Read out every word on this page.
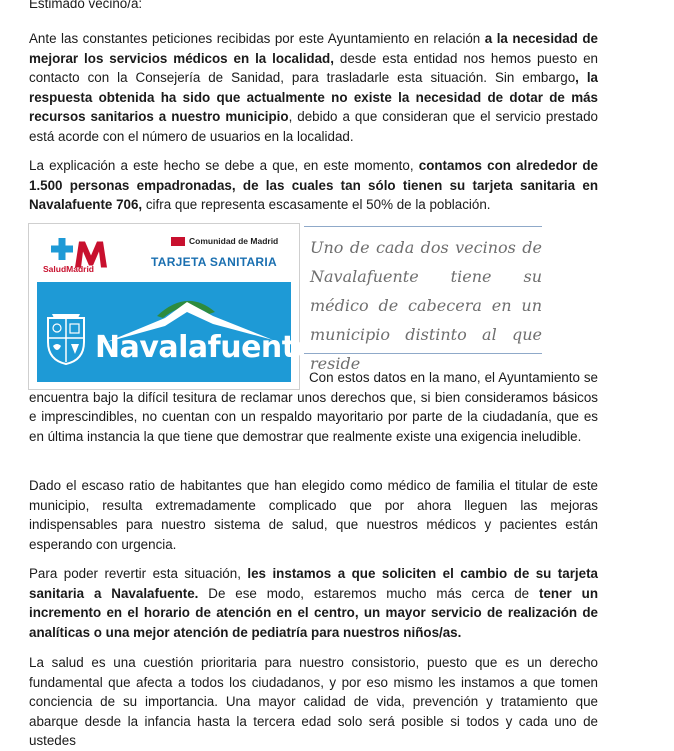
Estimado vecino/a:

Ante las constantes peticiones recibidas por este Ayuntamiento en relación a la necesidad de mejorar los servicios médicos en la localidad, desde esta entidad nos hemos puesto en contacto con la Consejería de Sanidad, para trasladarle esta situación. Sin embargo, la respuesta obtenida ha sido que actualmente no existe la necesidad de dotar de más recursos sanitarios a nuestro municipio, debido a que consideran que el servicio prestado está acorde con el número de usuarios en la localidad.

La explicación a este hecho se debe a que, en este momento, contamos con alrededor de 1.500 personas empadronadas, de las cuales tan sólo tienen su tarjeta sanitaria en Navalafuente 706, cifra que representa escasamente el 50% de la población.

SaludMadrid
Comunidad de Madrid
TARJETA SANITARIA
Navalafuente

Uno de cada dos vecinos de Navalafuente tiene su médico de cabecera en un municipio distinto al que reside

Con estos datos en la mano, el Ayuntamiento se encuentra bajo la difícil tesitura de reclamar unos derechos que, si bien consideramos básicos e imprescindibles, no cuentan con un respaldo mayoritario por parte de la ciudadanía, que es en última instancia la que tiene que demostrar que realmente existe una exigencia ineludible.

Dado el escaso ratio de habitantes que han elegido como médico de familia el titular de este municipio, resulta extremadamente complicado que por ahora lleguen las mejoras indispensables para nuestro sistema de salud, que nuestros médicos y pacientes están esperando con urgencia.

Para poder revertir esta situación, les instamos a que soliciten el cambio de su tarjeta sanitaria a Navalafuente. De ese modo, estaremos mucho más cerca de tener un incremento en el horario de atención en el centro, un mayor servicio de realización de analíticas o una mejor atención de pediatría para nuestros niños/as.

La salud es una cuestión prioritaria para nuestro consistorio, puesto que es un derecho fundamental que afecta a todos los ciudadanos, y por eso mismo les instamos a que tomen conciencia de su importancia. Una mayor calidad de vida, prevención y tratamiento que abarque desde la infancia hasta la tercera edad solo será posible si todos y cada uno de ustedes
